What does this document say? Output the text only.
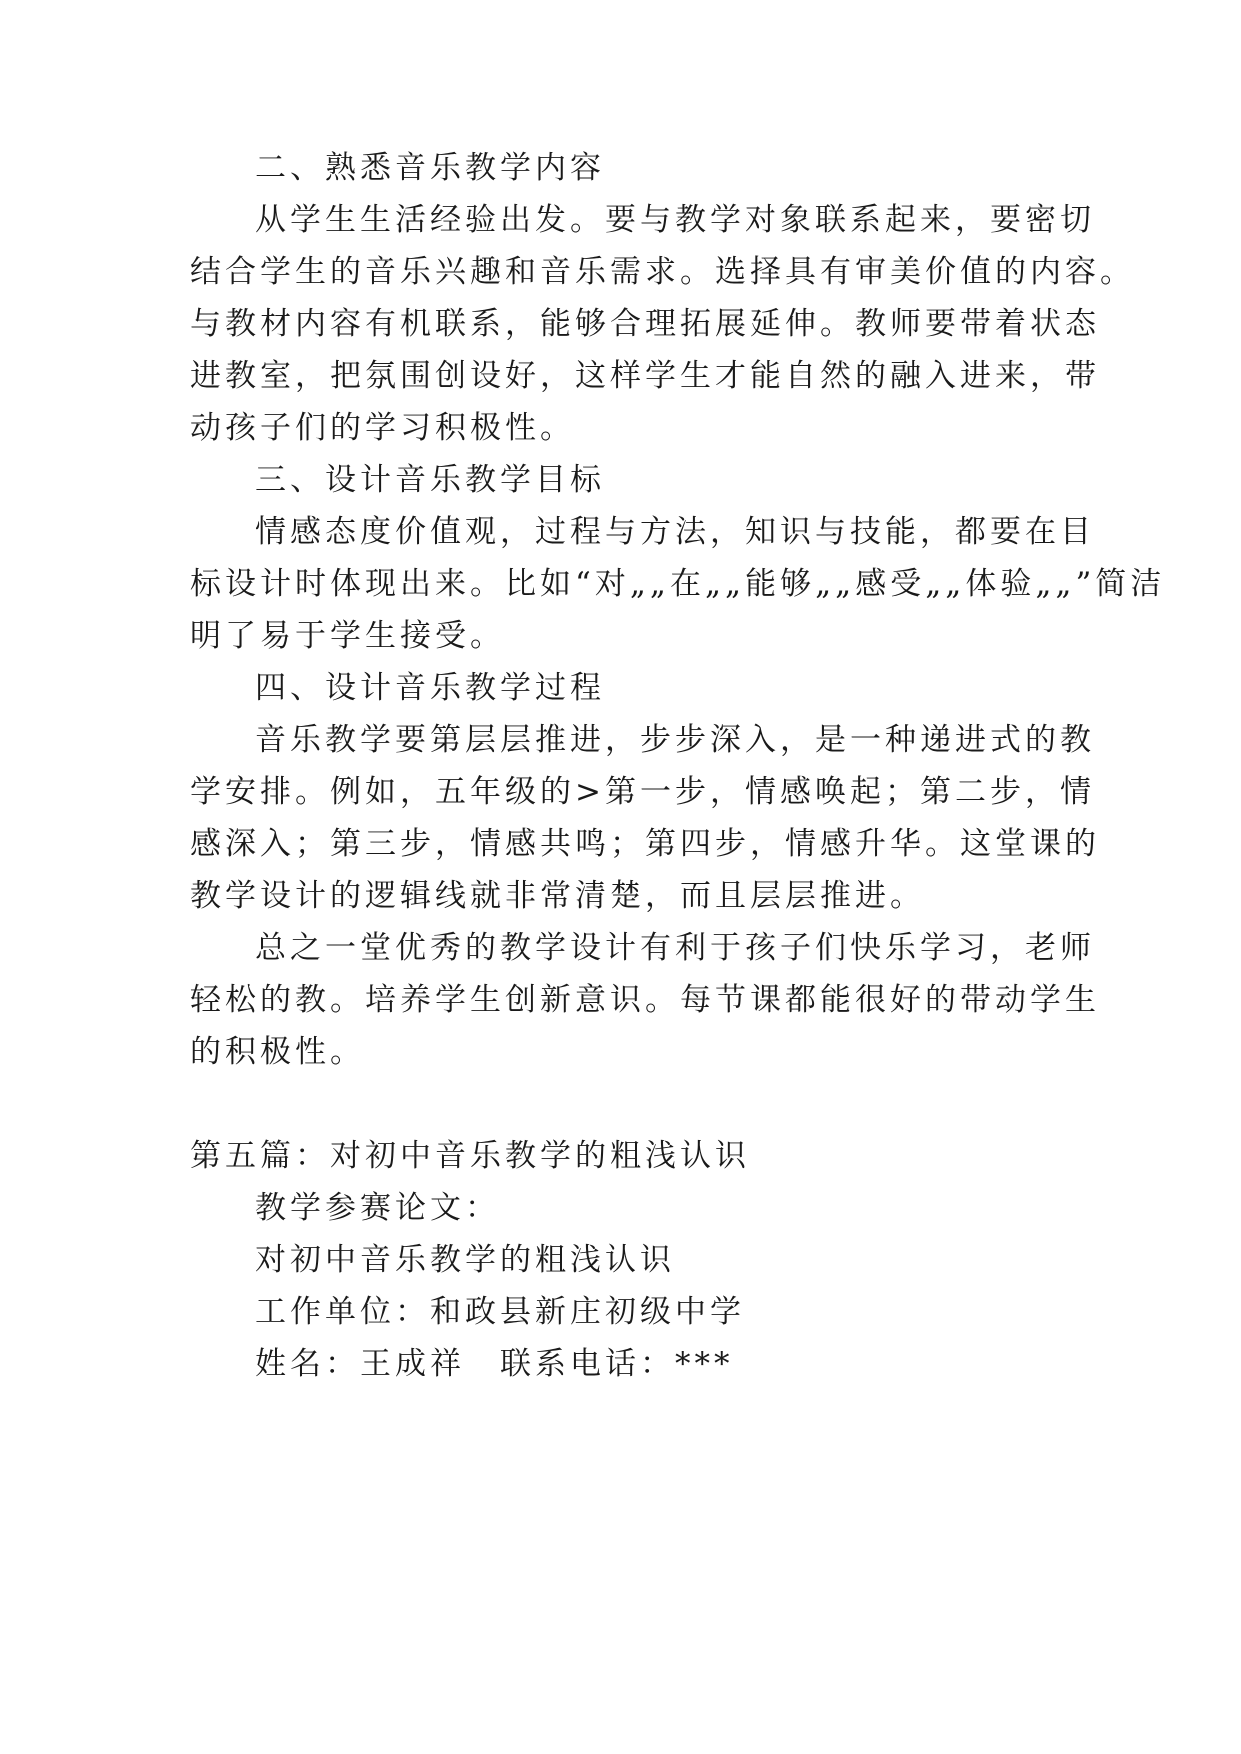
二、熟悉音乐教学内容
从学生生活经验出发。要与教学对象联系起来，要密切
结合学生的音乐兴趣和音乐需求。选择具有审美价值的内容。
与教材内容有机联系，能够合理拓展延伸。教师要带着状态
进教室，把氛围创设好，这样学生才能自然的融入进来，带
动孩子们的学习积极性。
三、设计音乐教学目标
情感态度价值观，过程与方法，知识与技能，都要在目
标设计时体现出来。比如“对„„在„„能够„„感受„„体验„„”简洁
明了易于学生接受。
四、设计音乐教学过程
音乐教学要第层层推进，步步深入，是一种递进式的教
学安排。例如，五年级的>第一步，情感唤起；第二步，情
感深入；第三步，情感共鸣；第四步，情感升华。这堂课的
教学设计的逻辑线就非常清楚，而且层层推进。
总之一堂优秀的教学设计有利于孩子们快乐学习，老师
轻松的教。培养学生创新意识。每节课都能很好的带动学生
的积极性。
第五篇：对初中音乐教学的粗浅认识
教学参赛论文：
对初中音乐教学的粗浅认识
工作单位：和政县新庄初级中学
姓名：王成祥　联系电话：***
